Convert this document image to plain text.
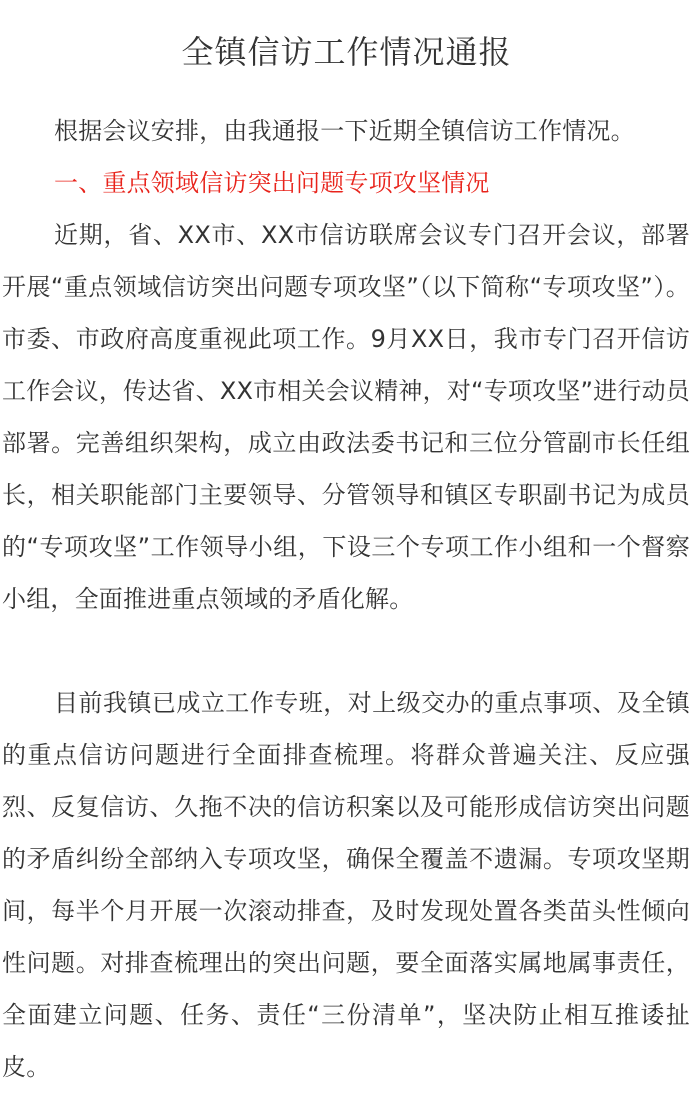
全镇信访工作情况通报

根据会议安排，由我通报一下近期全镇信访工作情况。

一、重点领域信访突出问题专项攻坚情况

近期，省、XX市、XX市信访联席会议专门召开会议，部署开展“重点领域信访突出问题专项攻坚”（以下简称“专项攻坚”）。市委、市政府高度重视此项工作。9月XX日，我市专门召开信访工作会议，传达省、XX市相关会议精神，对“专项攻坚”进行动员部署。完善组织架构，成立由政法委书记和三位分管副市长任组长，相关职能部门主要领导、分管领导和镇区专职副书记为成员的“专项攻坚”工作领导小组，下设三个专项工作小组和一个督察小组，全面推进重点领域的矛盾化解。

目前我镇已成立工作专班，对上级交办的重点事项、及全镇的重点信访问题进行全面排查梳理。将群众普遍关注、反应强烈、反复信访、久拖不决的信访积案以及可能形成信访突出问题的矛盾纠纷全部纳入专项攻坚，确保全覆盖不遗漏。专项攻坚期间，每半个月开展一次滚动排查，及时发现处置各类苗头性倾向性问题。对排查梳理出的突出问题，要全面落实属地属事责任，全面建立问题、任务、责任“三份清单”，坚决防止相互推诿扯皮。
